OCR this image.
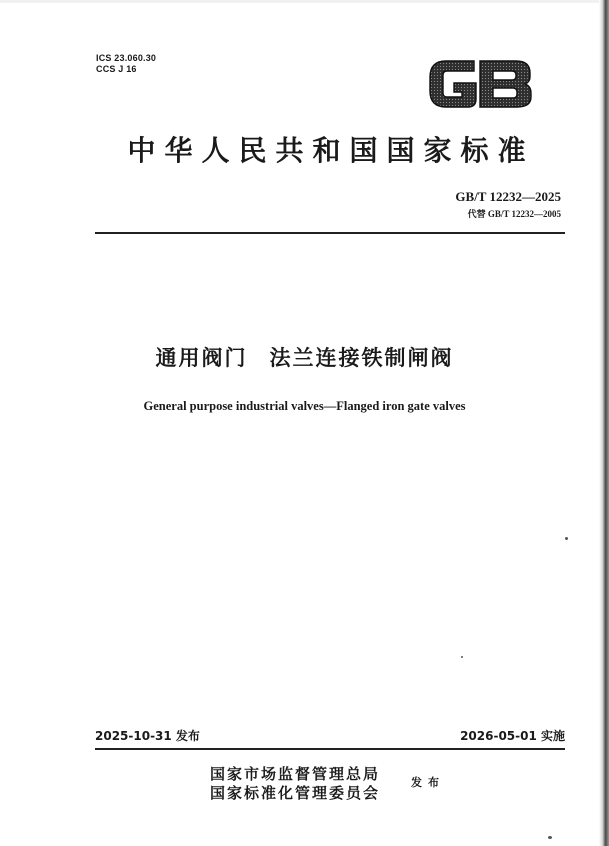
ICS 23.060.30
CCS J 16
中华人民共和国国家标准
GB/T 12232—2025
代替 GB/T 12232—2005
通用阀门 法兰连接铁制闸阀
General purpose industrial valves—Flanged iron gate valves
2025-10-31 发布	2026-05-01 实施
国家市场监督管理总局
国家标准化管理委员会
发布
